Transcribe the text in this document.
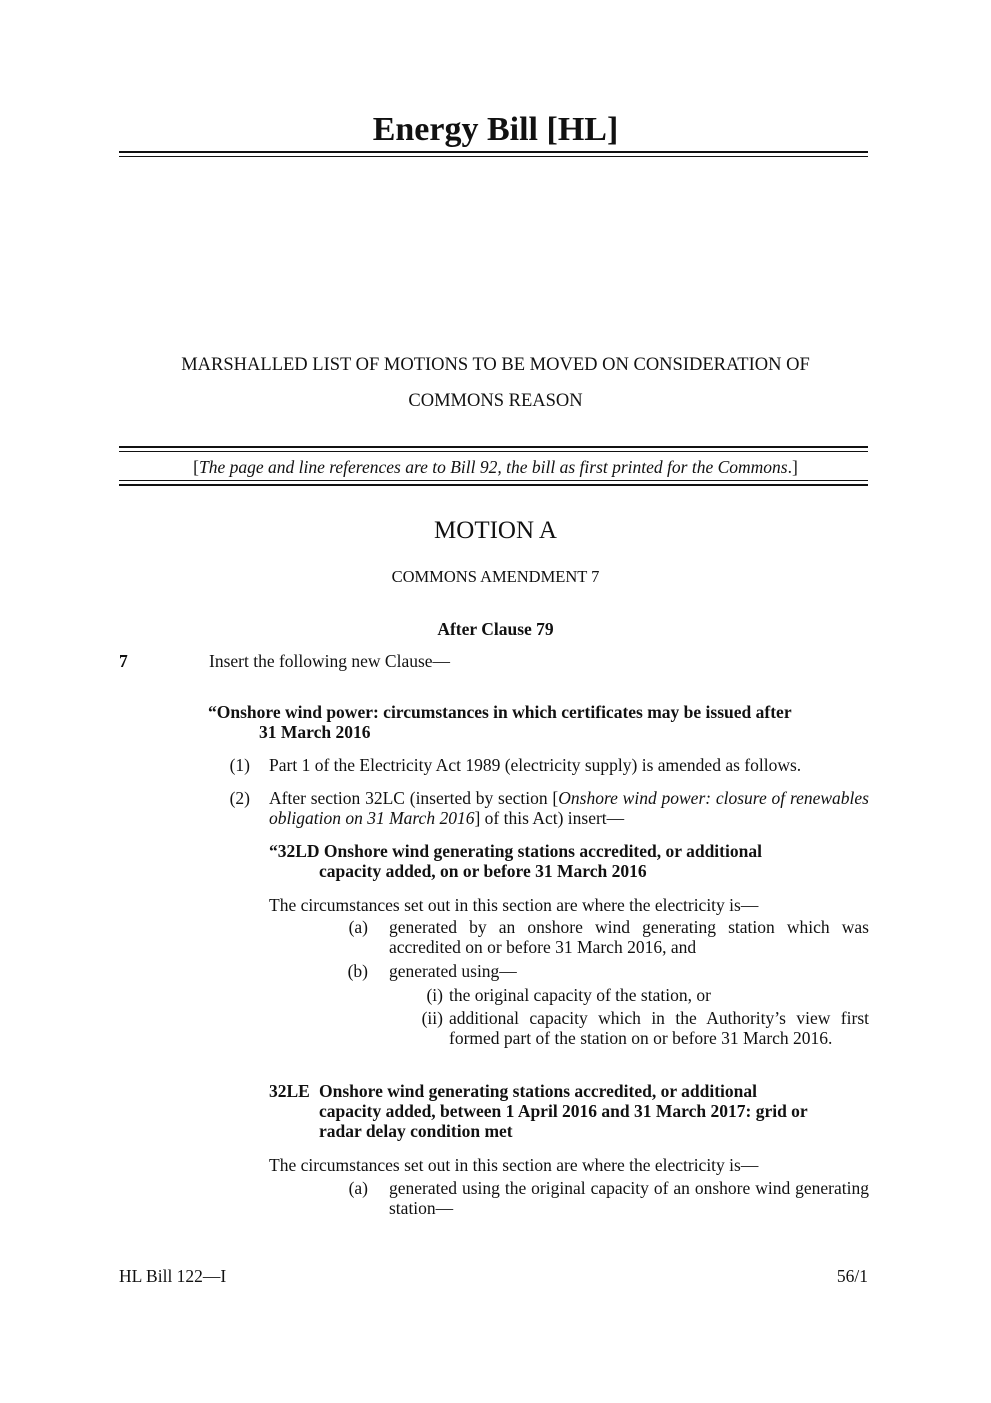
Energy Bill [HL]
MARSHALLED LIST OF MOTIONS TO BE MOVED ON CONSIDERATION OF
COMMONS REASON
[The page and line references are to Bill 92, the bill as first printed for the Commons.]
MOTION A
COMMONS AMENDMENT 7
After Clause 79
7	Insert the following new Clause—
“Onshore wind power: circumstances in which certificates may be issued after
31 March 2016
(1) Part 1 of the Electricity Act 1989 (electricity supply) is amended as follows.
(2) After section 32LC (inserted by section [Onshore wind power: closure of renewables obligation on 31 March 2016] of this Act) insert—
“32LD Onshore wind generating stations accredited, or additional
capacity added, on or before 31 March 2016
The circumstances set out in this section are where the electricity is—
(a) generated by an onshore wind generating station which was accredited on or before 31 March 2016, and
(b) generated using—
(i) the original capacity of the station, or
(ii) additional capacity which in the Authority’s view first formed part of the station on or before 31 March 2016.
32LE Onshore wind generating stations accredited, or additional
capacity added, between 1 April 2016 and 31 March 2017: grid or
radar delay condition met
The circumstances set out in this section are where the electricity is—
(a) generated using the original capacity of an onshore wind generating station—
HL Bill 122—I	56/1
